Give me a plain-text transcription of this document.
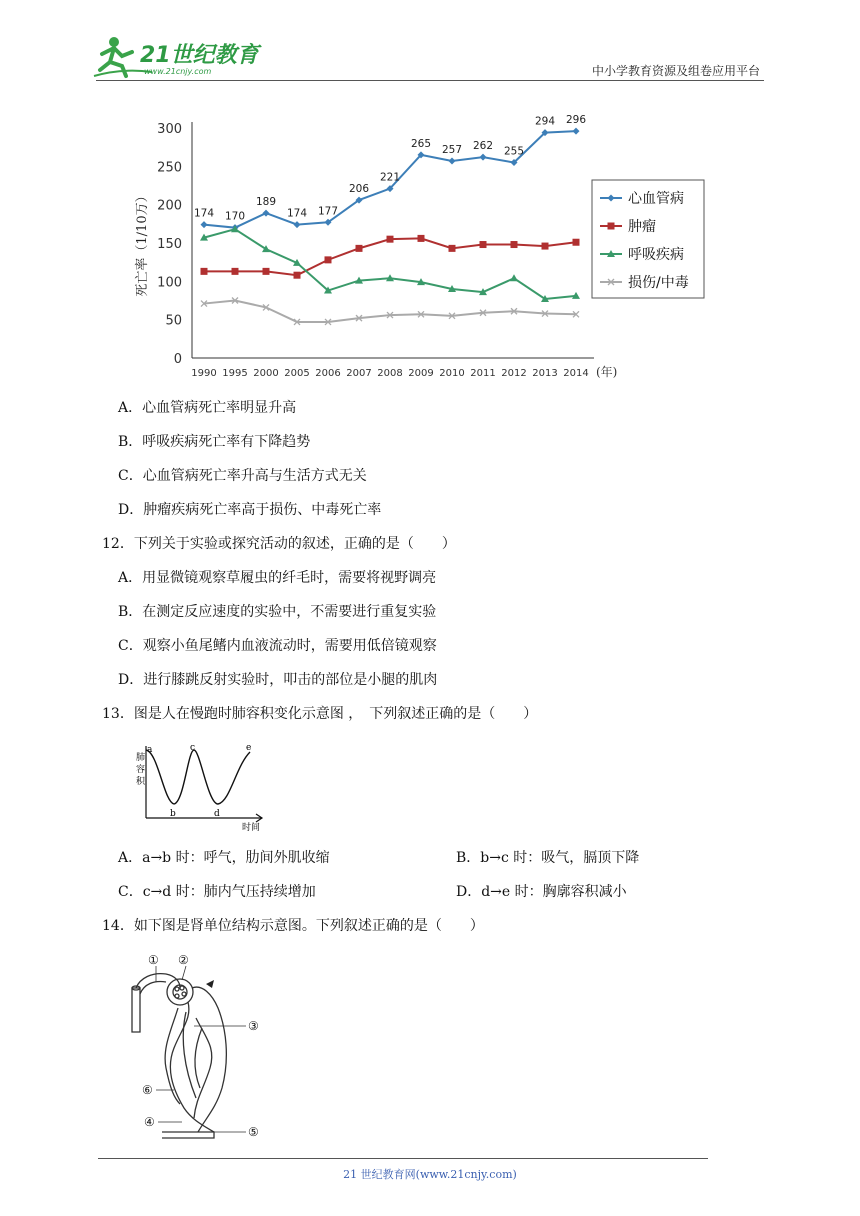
21世纪教育
www.21cnjy.com	中小学教育资源及组卷应用平台
0
50
100
150
200
250
300
死亡率（1/10万）
1990 1995 2000 2005 2006 2007 2008 2009 2010 2011 2012 2013 2014 (年)
174 170
189
174 177
206
221
265
257 262 255
294 296
心血管病
肿瘤
呼吸疾病
损伤/中毒
A．心血管病死亡率明显升高
B．呼吸疾病死亡率有下降趋势
C．心血管病死亡率升高与生活方式无关
D．肿瘤疾病死亡率高于损伤、中毒死亡率
12．下列关于实验或探究活动的叙述，正确的是（　　）
A．用显微镜观察草履虫的纤毛时，需要将视野调亮
B．在测定反应速度的实验中，不需要进行重复实验
C．观察小鱼尾鳍内血液流动时，需要用低倍镜观察
D．进行膝跳反射实验时，叩击的部位是小腿的肌肉
13．图是人在慢跑时肺容积变化示意图 ，　下列叙述正确的是（　　）
肺
容
积
a
b
c
d
e
时间
A．a→b 时：呼气，肋间外肌收缩	B．b→c 时：吸气，膈顶下降
C．c→d 时：肺内气压持续增加	D．d→e 时：胸廓容积减小
14．如下图是肾单位结构示意图。下列叙述正确的是（　　）
① ②
③
④
⑤
⑥
21 世纪教育网(www.21cnjy.com)
